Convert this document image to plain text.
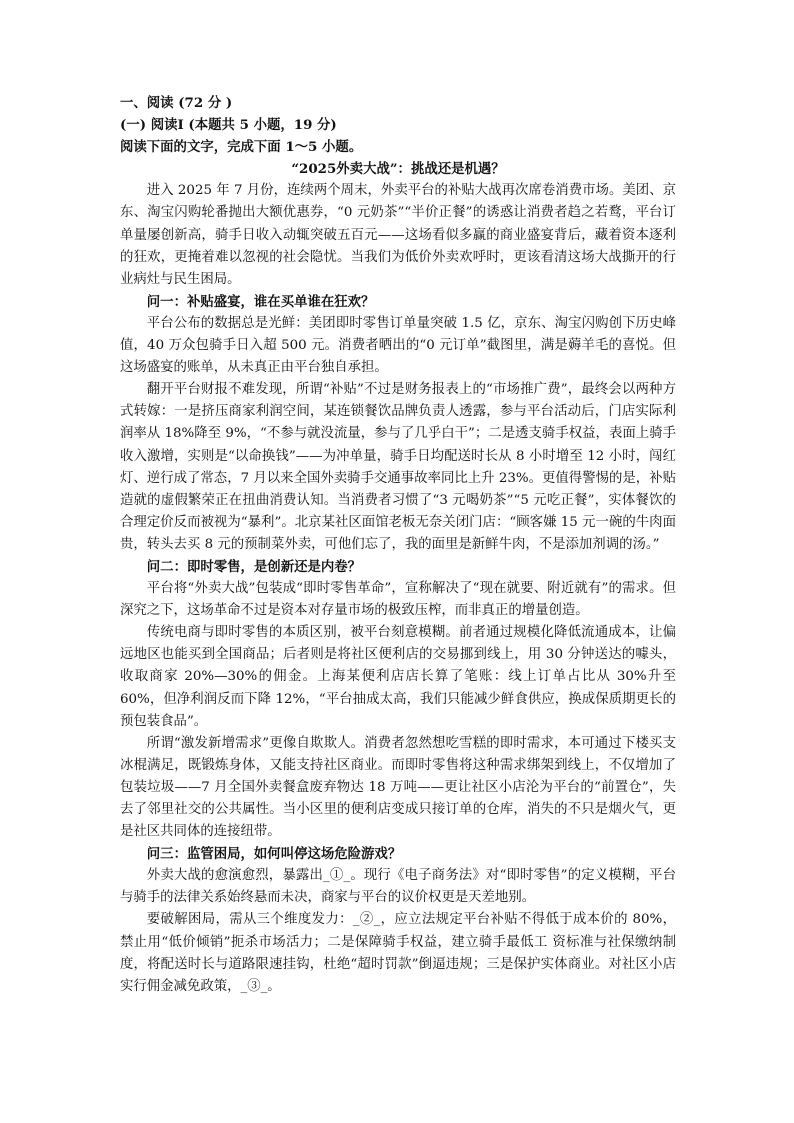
一、阅读 (72 分 )

(一) 阅读Ⅰ (本题共 5 小题，19 分)

阅读下面的文字，完成下面 1～5 小题。

“2025外卖大战”：挑战还是机遇？

进入 2025 年 7 月份，连续两个周末，外卖平台的补贴大战再次席卷消费市场。美团、京东、淘宝闪购轮番抛出大额优惠券，“0 元奶茶”“半价正餐”的诱惑让消费者趋之若鹜，平台订单量屡创新高，骑手日收入动辄突破五百元——这场看似多赢的商业盛宴背后，藏着资本逐利的狂欢，更掩着难以忽视的社会隐忧。当我们为低价外卖欢呼时，更该看清这场大战撕开的行业病灶与民生困局。

问一：补贴盛宴，谁在买单谁在狂欢？

平台公布的数据总是光鲜：美团即时零售订单量突破 1.5 亿，京东、淘宝闪购创下历史峰值，40 万众包骑手日入超 500 元。消费者晒出的“0 元订单”截图里，满是薅羊毛的喜悦。但这场盛宴的账单，从未真正由平台独自承担。

翻开平台财报不难发现，所谓“补贴”不过是财务报表上的“市场推广费”，最终会以两种方式转嫁：一是挤压商家利润空间，某连锁餐饮品牌负责人透露，参与平台活动后，门店实际利润率从 18%降至 9%，“不参与就没流量，参与了几乎白干”；二是透支骑手权益，表面上骑手收入激增，实则是“以命换钱”——为冲单量，骑手日均配送时长从 8 小时增至 12 小时，闯红灯、逆行成了常态，7 月以来全国外卖骑手交通事故率同比上升 23%。更值得警惕的是，补贴造就的虚假繁荣正在扭曲消费认知。当消费者习惯了“3 元喝奶茶”“5 元吃正餐”，实体餐饮的合理定价反而被视为“暴利”。北京某社区面馆老板无奈关闭门店：“顾客嫌 15 元一碗的牛肉面贵，转头去买 8 元的预制菜外卖，可他们忘了，我的面里是新鲜牛肉，不是添加剂调的汤。”

问二：即时零售，是创新还是内卷？

平台将“外卖大战”包装成“即时零售革命”，宣称解决了“现在就要、附近就有”的需求。但深究之下，这场革命不过是资本对存量市场的极致压榨，而非真正的增量创造。

传统电商与即时零售的本质区别，被平台刻意模糊。前者通过规模化降低流通成本，让偏远地区也能买到全国商品；后者则是将社区便利店的交易挪到线上，用 30 分钟送达的噱头，收取商家 20%—30%的佣金。上海某便利店店长算了笔账：线上订单占比从 30%升至 60%，但净利润反而下降 12%，“平台抽成太高，我们只能减少鲜食供应，换成保质期更长的预包装食品”。

所谓“激发新增需求”更像自欺欺人。消费者忽然想吃雪糕的即时需求，本可通过下楼买支冰棍满足，既锻炼身体，又能支持社区商业。而即时零售将这种需求绑架到线上，不仅增加了包装垃圾——7 月全国外卖餐盒废弃物达 18 万吨——更让社区小店沦为平台的“前置仓”，失去了邻里社交的公共属性。当小区里的便利店变成只接订单的仓库，消失的不只是烟火气，更是社区共同体的连接纽带。

问三：监管困局，如何叫停这场危险游戏？

外卖大战的愈演愈烈，暴露出_①_。现行《电子商务法》对“即时零售”的定义模糊，平台与骑手的法律关系始终悬而未决，商家与平台的议价权更是天差地别。

要破解困局，需从三个维度发力：_②_，应立法规定平台补贴不得低于成本价的 80%，禁止用“低价倾销”扼杀市场活力；二是保障骑手权益，建立骑手最低工 资标准与社保缴纳制度，将配送时长与道路限速挂钩，杜绝“超时罚款”倒逼违规；三是保护实体商业。对社区小店实行佣金减免政策，_③_。
